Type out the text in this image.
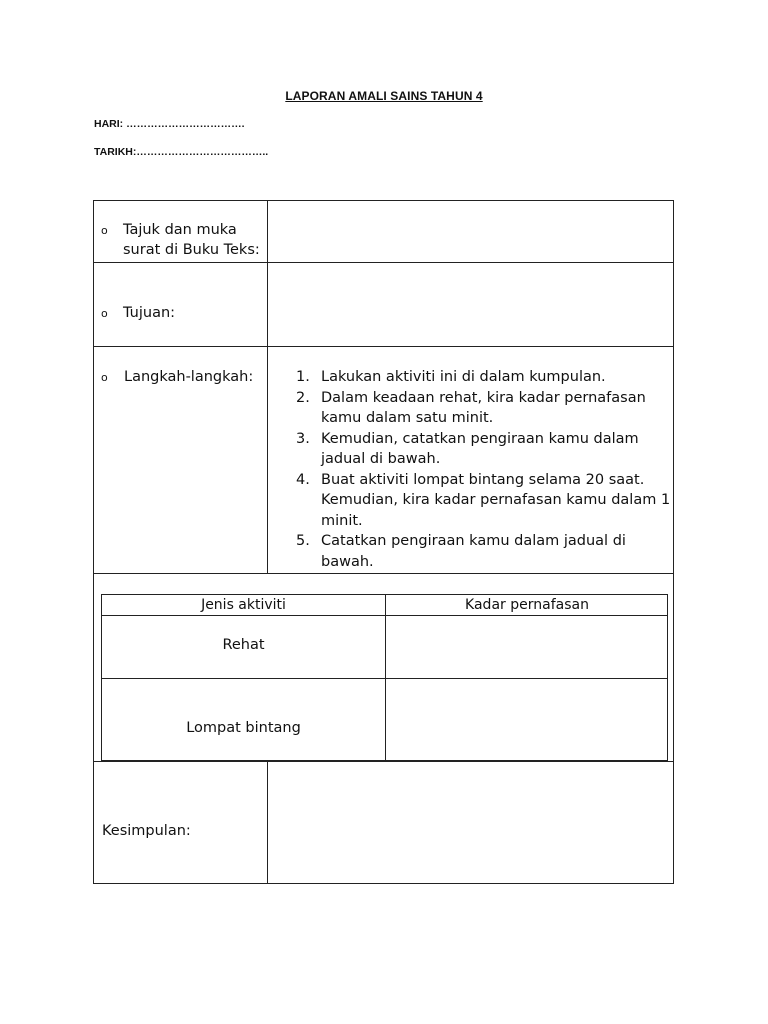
LAPORAN AMALI SAINS TAHUN 4
HARI: …………………………….
TARIKH:………………………………..
o Tajuk dan muka surat di Buku Teks:
o Tujuan:
o Langkah-langkah:	1. Lakukan aktiviti ini di dalam kumpulan.
2. Dalam keadaan rehat, kira kadar pernafasan kamu dalam satu minit.
3. Kemudian, catatkan pengiraan kamu dalam jadual di bawah.
4. Buat aktiviti lompat bintang selama 20 saat. Kemudian, kira kadar pernafasan kamu dalam 1 minit.
5. Catatkan pengiraan kamu dalam jadual di bawah.
Jenis aktiviti	Kadar pernafasan
Rehat
Lompat bintang
Kesimpulan:
